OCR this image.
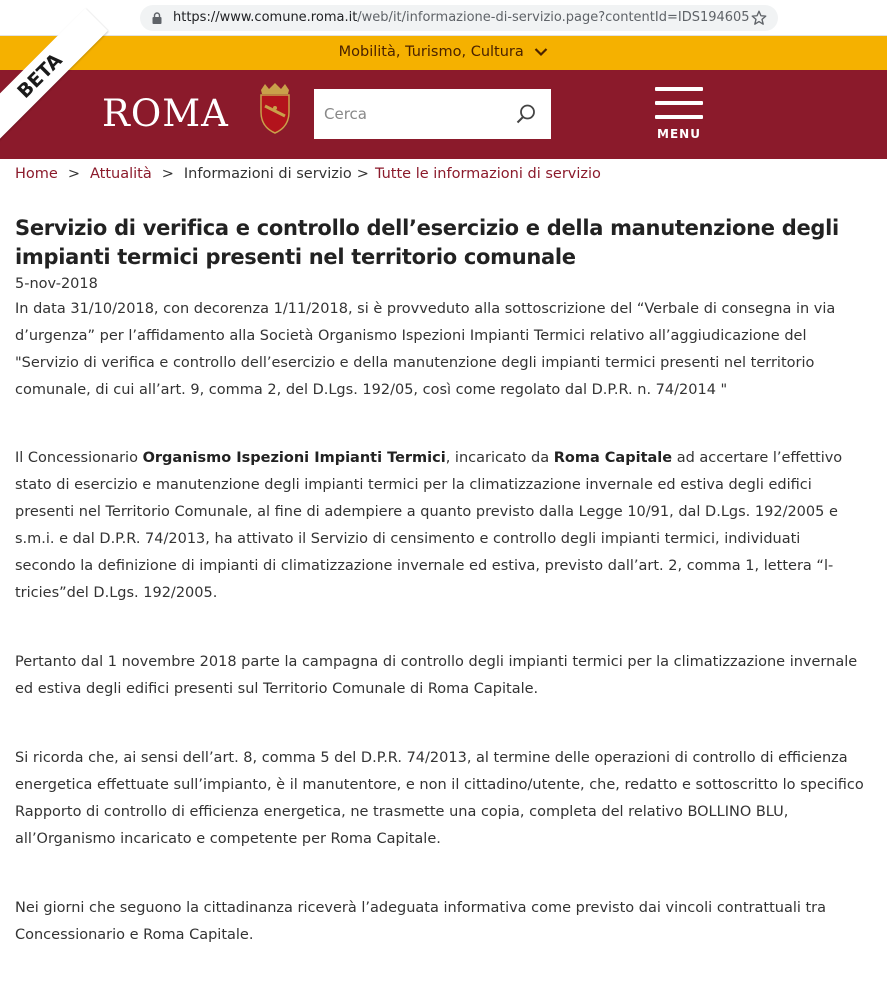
https://www.comune.roma.it/web/it/informazione-di-servizio.page?contentId=IDS194605
Mobilità, Turismo, Cultura
ROMA
Cerca	MENU
BETA
Home > Attualità > Informazioni di servizio > Tutte le informazioni di servizio
Servizio di verifica e controllo dell’esercizio e della manutenzione degli impianti termici presenti nel territorio comunale
5-nov-2018

In data 31/10/2018, con decorenza 1/11/2018, si è provveduto alla sottoscrizione del “Verbale di consegna in via d’urgenza” per l’affidamento alla Società Organismo Ispezioni Impianti Termici relativo all’aggiudicazione del "Servizio di verifica e controllo dell’esercizio e della manutenzione degli impianti termici presenti nel territorio comunale, di cui all’art. 9, comma 2, del D.Lgs. 192/05, così come regolato dal D.P.R. n. 74/2014 "

Il Concessionario Organismo Ispezioni Impianti Termici, incaricato da Roma Capitale ad accertare l’effettivo stato di esercizio e manutenzione degli impianti termici per la climatizzazione invernale ed estiva degli edifici presenti nel Territorio Comunale, al fine di adempiere a quanto previsto dalla Legge 10/91, dal D.Lgs. 192/2005 e s.m.i. e dal D.P.R. 74/2013, ha attivato il Servizio di censimento e controllo degli impianti termici, individuati secondo la definizione di impianti di climatizzazione invernale ed estiva, previsto dall’art. 2, comma 1, lettera “l-tricies”del D.Lgs. 192/2005.

Pertanto dal 1 novembre 2018 parte la campagna di controllo degli impianti termici per la climatizzazione invernale ed estiva degli edifici presenti sul Territorio Comunale di Roma Capitale.

Si ricorda che, ai sensi dell’art. 8, comma 5 del D.P.R. 74/2013, al termine delle operazioni di controllo di efficienza energetica effettuate sull’impianto, è il manutentore, e non il cittadino/utente, che, redatto e sottoscritto lo specifico Rapporto di controllo di efficienza energetica, ne trasmette una copia, completa del relativo BOLLINO BLU, all’Organismo incaricato e competente per Roma Capitale.

Nei giorni che seguono la cittadinanza riceverà l’adeguata informativa come previsto dai vincoli contrattuali tra Concessionario e Roma Capitale.
